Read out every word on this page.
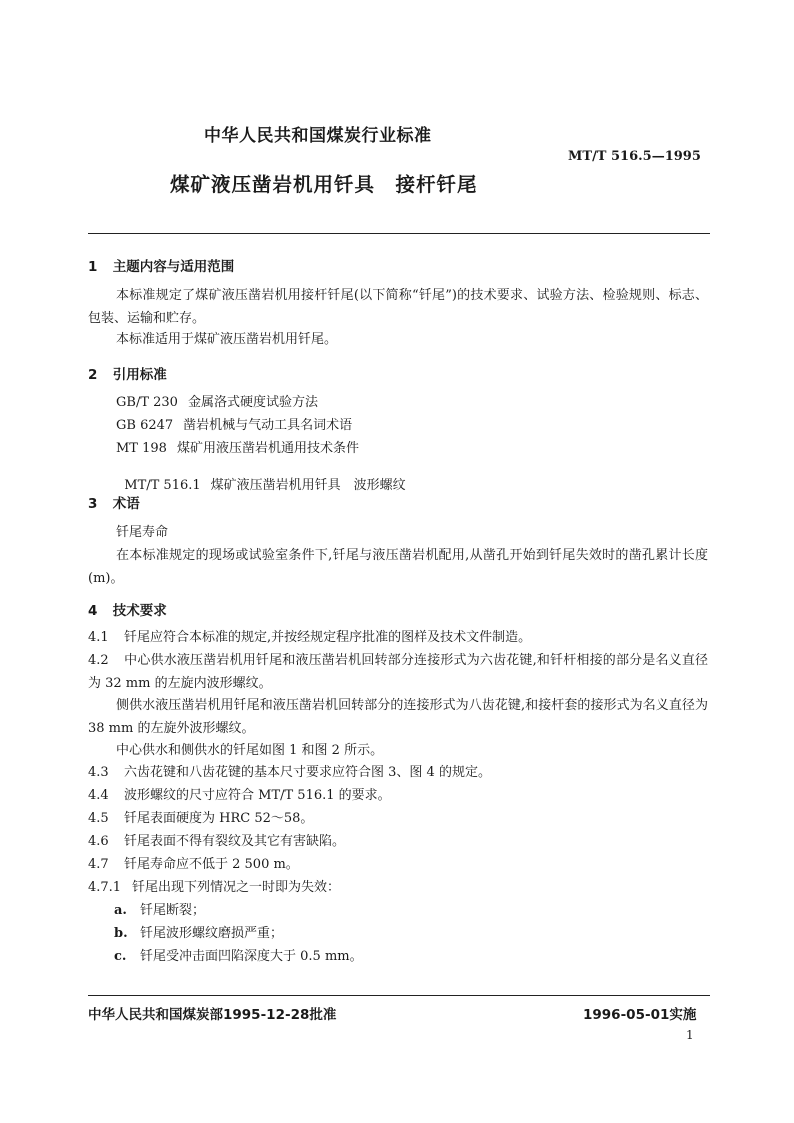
中华人民共和国煤炭行业标准
MT/T 516.5—1995
煤矿液压凿岩机用钎具　接杆钎尾
1 主题内容与适用范围
本标准规定了煤矿液压凿岩机用接杆钎尾(以下简称“钎尾”)的技术要求、试验方法、检验规则、标志、包装、运输和贮存。
本标准适用于煤矿液压凿岩机用钎尾。
2 引用标准
GB/T 230 金属洛式硬度试验方法
GB 6247 凿岩机械与气动工具名词术语
MT 198 煤矿用液压凿岩机通用技术条件

MT/T 516.1 煤矿液压凿岩机用钎具　波形螺纹

3 术语
钎尾寿命
在本标准规定的现场或试验室条件下,钎尾与液压凿岩机配用,从凿孔开始到钎尾失效时的凿孔累计长度(m)。
4 技术要求
4.1 钎尾应符合本标准的规定,并按经规定程序批准的图样及技术文件制造。
4.2 中心供水液压凿岩机用钎尾和液压凿岩机回转部分连接形式为六齿花键,和钎杆相接的部分是名义直径为 32 mm 的左旋内波形螺纹。
侧供水液压凿岩机用钎尾和液压凿岩机回转部分的连接形式为八齿花键,和接杆套的接形式为名义直径为 38 mm 的左旋外波形螺纹。
中心供水和侧供水的钎尾如图 1 和图 2 所示。
4.3 六齿花键和八齿花键的基本尺寸要求应符合图 3、图 4 的规定。
4.4 波形螺纹的尺寸应符合 MT/T 516.1 的要求。
4.5 钎尾表面硬度为 HRC 52～58。
4.6 钎尾表面不得有裂纹及其它有害缺陷。
4.7 钎尾寿命应不低于 2 500 m。
4.7.1 钎尾出现下列情况之一时即为失效：
a. 钎尾断裂；
b. 钎尾波形螺纹磨损严重；
c. 钎尾受冲击面凹陷深度大于 0.5 mm。
中华人民共和国煤炭部1995-12-28批准	1996-05-01实施
1
